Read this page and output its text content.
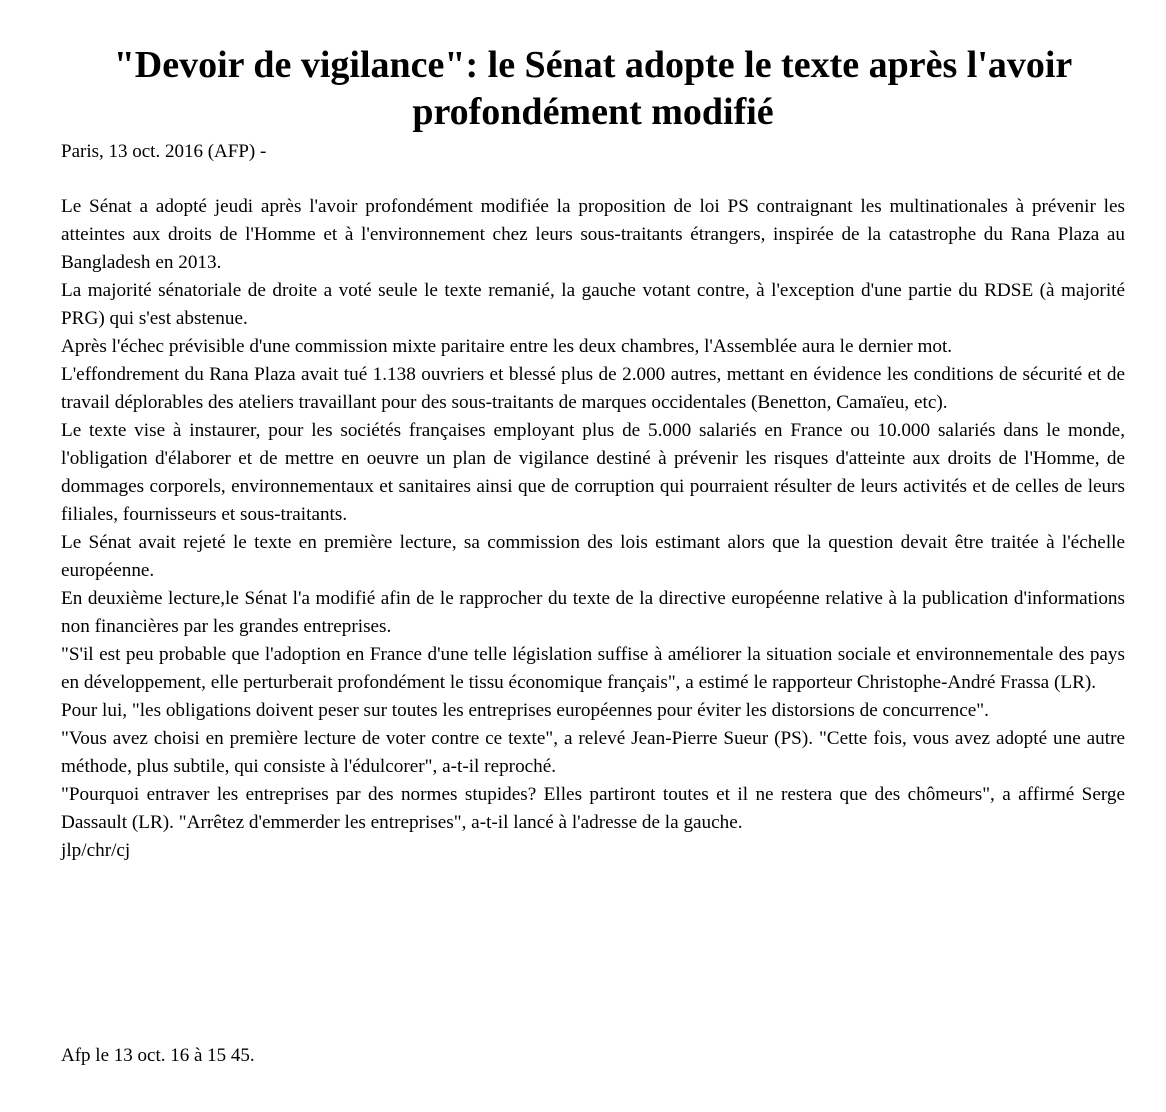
"Devoir de vigilance": le Sénat adopte le texte après l'avoir profondément modifié
Paris, 13 oct. 2016 (AFP) -

Le Sénat a adopté jeudi après l'avoir profondément modifiée la proposition de loi PS contraignant les multinationales à prévenir les atteintes aux droits de l'Homme et à l'environnement chez leurs sous-traitants étrangers, inspirée de la catastrophe du Rana Plaza au Bangladesh en 2013.

La majorité sénatoriale de droite a voté seule le texte remanié, la gauche votant contre, à l'exception d'une partie du RDSE (à majorité PRG) qui s'est abstenue.

Après l'échec prévisible d'une commission mixte paritaire entre les deux chambres, l'Assemblée aura le dernier mot.

L'effondrement du Rana Plaza avait tué 1.138 ouvriers et blessé plus de 2.000 autres, mettant en évidence les conditions de sécurité et de travail déplorables des ateliers travaillant pour des sous-traitants de marques occidentales (Benetton, Camaïeu, etc).

Le texte vise à instaurer, pour les sociétés françaises employant plus de 5.000 salariés en France ou 10.000 salariés dans le monde, l'obligation d'élaborer et de mettre en oeuvre un plan de vigilance destiné à prévenir les risques d'atteinte aux droits de l'Homme, de dommages corporels, environnementaux et sanitaires ainsi que de corruption qui pourraient résulter de leurs activités et de celles de leurs filiales, fournisseurs et sous-traitants.

Le Sénat avait rejeté le texte en première lecture, sa commission des lois estimant alors que la question devait être traitée à l'échelle européenne.

En deuxième lecture,le Sénat l'a modifié afin de le rapprocher du texte de la directive européenne relative à la publication d'informations non financières par les grandes entreprises.

"S'il est peu probable que l'adoption en France d'une telle législation suffise à améliorer la situation sociale et environnementale des pays en développement, elle perturberait profondément le tissu économique français", a estimé le rapporteur Christophe-André Frassa (LR).

Pour lui, "les obligations doivent peser sur toutes les entreprises européennes pour éviter les distorsions de concurrence".

"Vous avez choisi en première lecture de voter contre ce texte", a relevé Jean-Pierre Sueur (PS). "Cette fois, vous avez adopté une autre méthode, plus subtile, qui consiste à l'édulcorer", a-t-il reproché.

"Pourquoi entraver les entreprises par des normes stupides? Elles partiront toutes et il ne restera que des chômeurs", a affirmé Serge Dassault (LR). "Arrêtez d'emmerder les entreprises", a-t-il lancé à l'adresse de la gauche.

jlp/chr/cj

Afp le 13 oct. 16 à 15 45.
